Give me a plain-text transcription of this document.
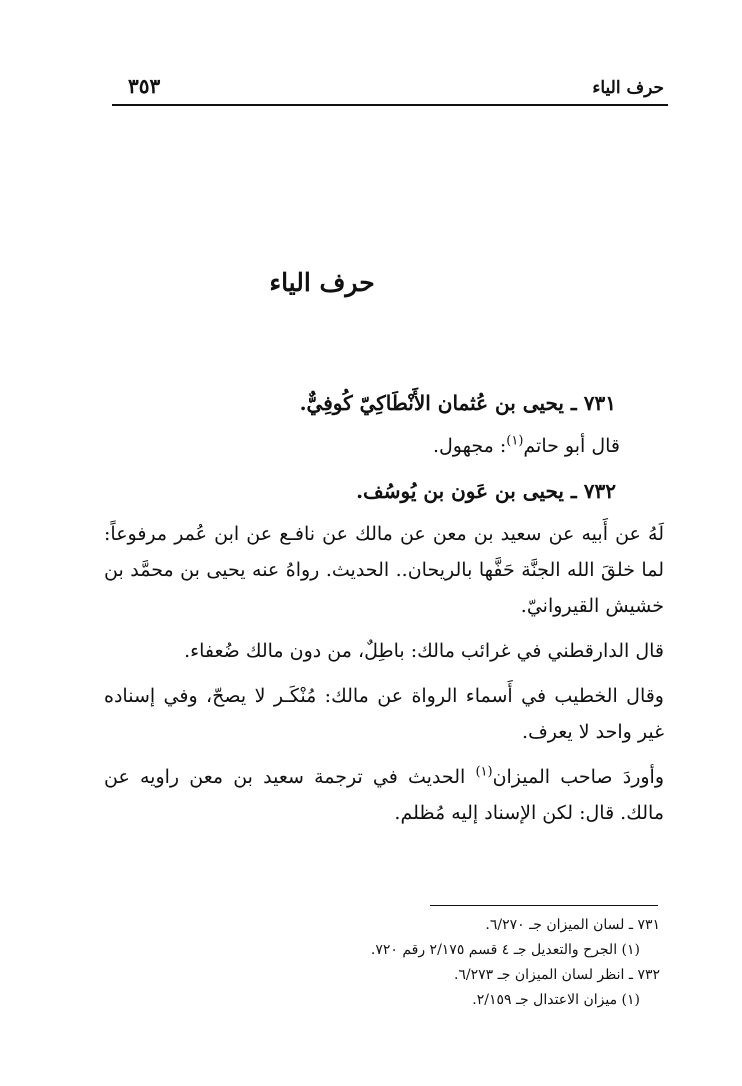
حرف الياء
٣٥٣
حرف الياء

٧٣١ ـ يحيى بن عُثمان الأَنْطَاكِيّ كُوفِيٌّ.

قال أبو حاتم$^{(١)}$: مجهول.

٧٣٢ ـ يحيى بن عَون بن يُوسُف.

لَهُ عن أَبيه عن سعيد بن معن عن مالك عن نافـع عن ابن عُمر مرفوعاً: لما خلقَ الله الجنَّة حَفَّها بالريحان.. الحديث. رواهُ عنه يحيى بن محمَّد بن خشيش القيروانيّ.

قال الدارقطني في غرائب مالك: باطِلٌ، من دون مالك ضُعفاء.

وقال الخطيب في أَسماء الرواة عن مالك: مُنْكَـر لا يصحّ، وفي إسناده غير واحد لا يعرف.

وأوردَ صاحب الميزان$^{(١)}$ الحديث في ترجمة سعيد بن معن راويه عن مالك. قال: لكن الإسناد إليه مُظلم.

٧٣١ ـ لسان الميزان جـ ٦/٢٧٠.

(١) الجرح والتعديل جـ ٤ قسم ٢/١٧٥ رقم ٧٢٠.

٧٣٢ ـ انظر لسان الميزان جـ ٦/٢٧٣.

(١) ميزان الاعتدال جـ ٢/١٥٩.
